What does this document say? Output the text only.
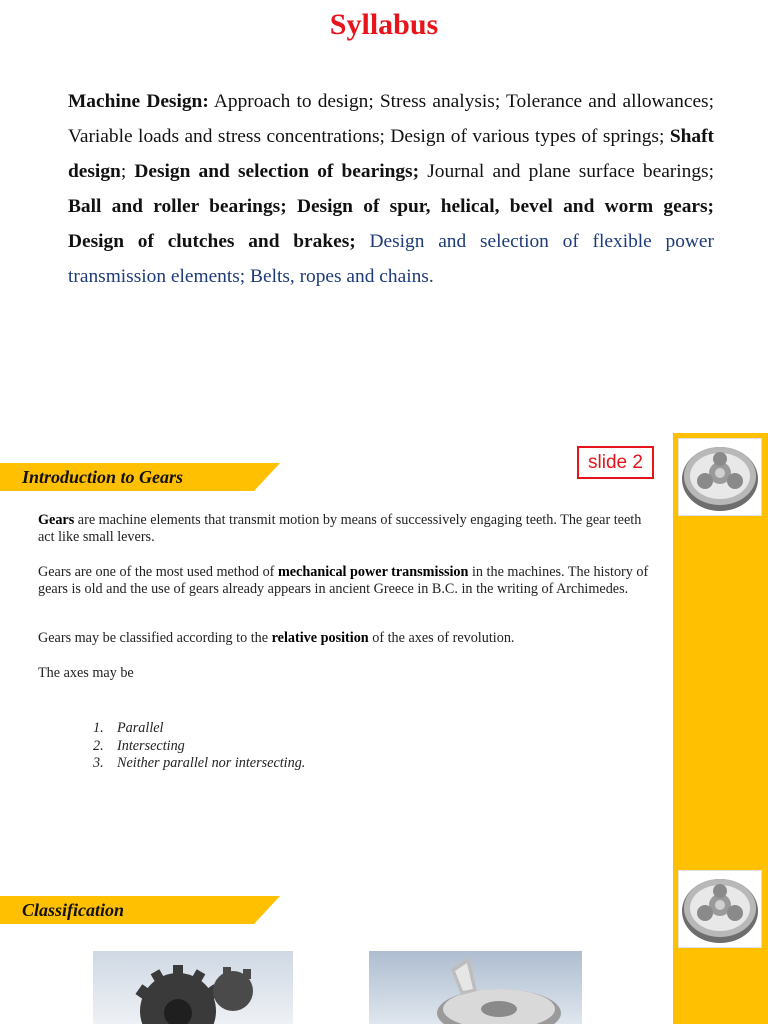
Syllabus
Machine Design: Approach to design; Stress analysis; Tolerance and allowances; Variable loads and stress concentrations; Design of various types of springs; Shaft design; Design and selection of bearings; Journal and plane surface bearings; Ball and roller bearings; Design of spur, helical, bevel and worm gears; Design of clutches and brakes; Design and selection of flexible power transmission elements; Belts, ropes and chains.
slide 2
Introduction to Gears

Gears are machine elements that transmit motion by means of successively engaging teeth. The gear teeth act like small levers.

Gears are one of the most used method of mechanical power transmission in the machines. The history of gears is old and the use of gears already appears in ancient Greece in B.C. in the writing of Archimedes.

Gears may be classified according to the relative position of the axes of revolution.

The axes may be

1. Parallel
2. Intersecting
3. Neither parallel nor intersecting.
Classification
